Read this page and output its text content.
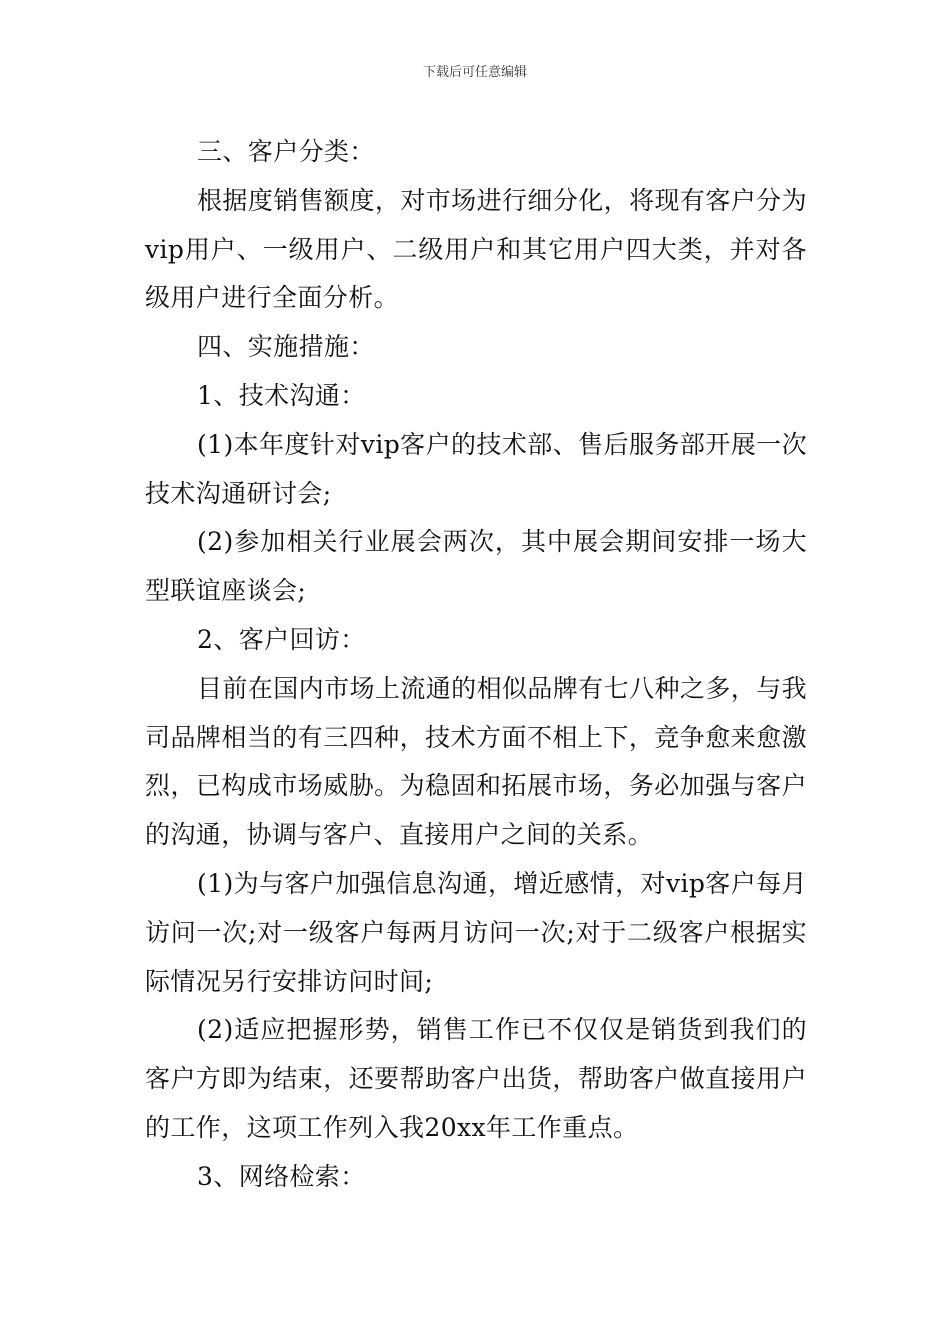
下载后可任意编辑

三、客户分类：

根据度销售额度，对市场进行细分化，将现有客户分为vip用户、一级用户、二级用户和其它用户四大类，并对各级用户进行全面分析。

四、实施措施：

1、技术沟通：

(1)本年度针对vip客户的技术部、售后服务部开展一次技术沟通研讨会;

(2)参加相关行业展会两次，其中展会期间安排一场大型联谊座谈会;

2、客户回访：

目前在国内市场上流通的相似品牌有七八种之多，与我司品牌相当的有三四种，技术方面不相上下，竞争愈来愈激烈，已构成市场威胁。为稳固和拓展市场，务必加强与客户的沟通，协调与客户、直接用户之间的关系。

(1)为与客户加强信息沟通，增近感情，对vip客户每月访问一次;对一级客户每两月访问一次;对于二级客户根据实际情况另行安排访问时间;

(2)适应把握形势，销售工作已不仅仅是销货到我们的客户方即为结束，还要帮助客户出货，帮助客户做直接用户的工作，这项工作列入我20xx年工作重点。

3、网络检索：
